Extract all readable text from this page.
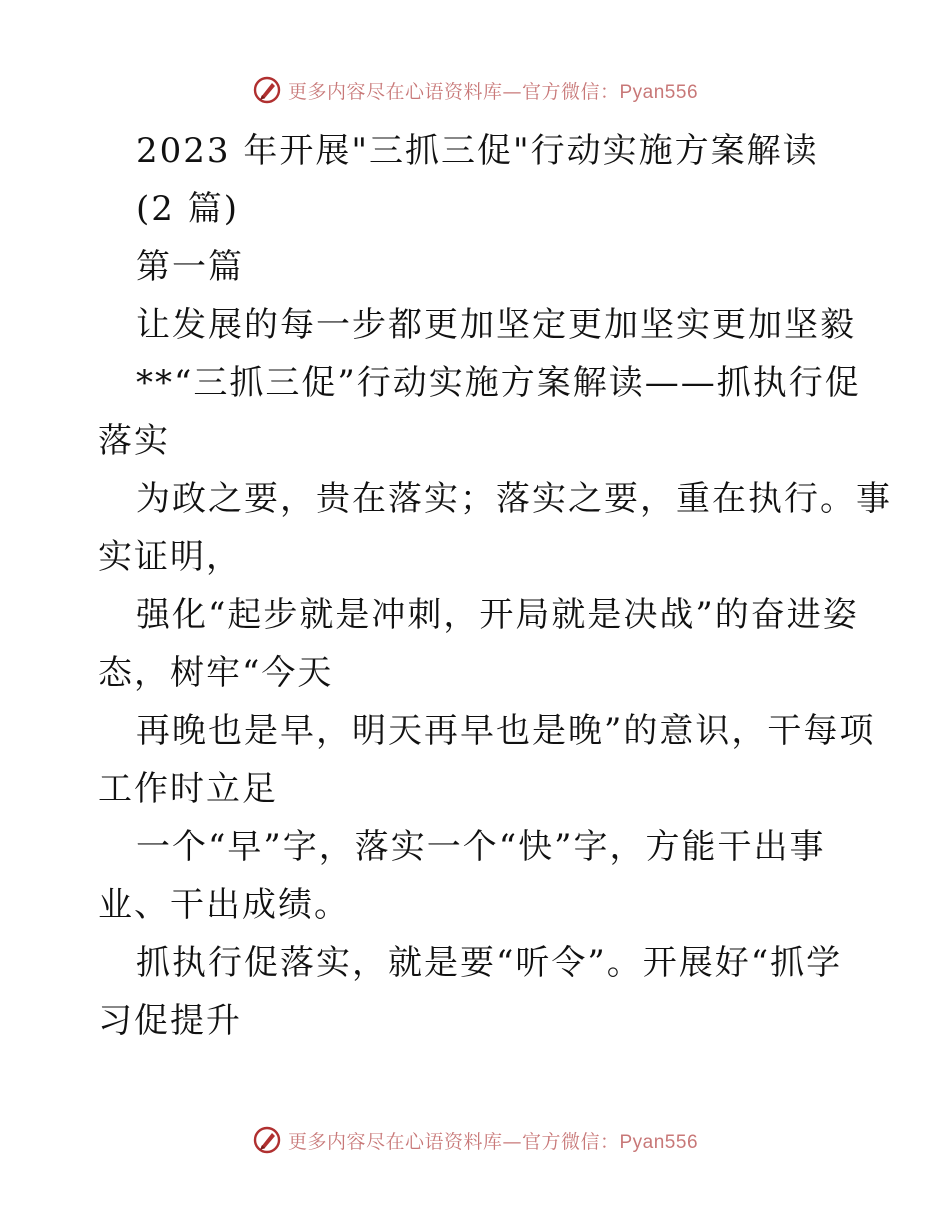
更多内容尽在心语资料库—官方微信：Pyan556
2023 年开展"三抓三促"行动实施方案解读
(2 篇)
第一篇
让发展的每一步都更加坚定更加坚实更加坚毅
**“三抓三促”行动实施方案解读——抓执行促
落实
为政之要，贵在落实；落实之要，重在执行。事
实证明，
强化“起步就是冲刺，开局就是决战”的奋进姿
态，树牢“今天
再晚也是早，明天再早也是晚”的意识，干每项
工作时立足
一个“早”字，落实一个“快”字，方能干出事
业、干出成绩。
抓执行促落实，就是要“听令”。开展好“抓学
习促提升
更多内容尽在心语资料库—官方微信：Pyan556
